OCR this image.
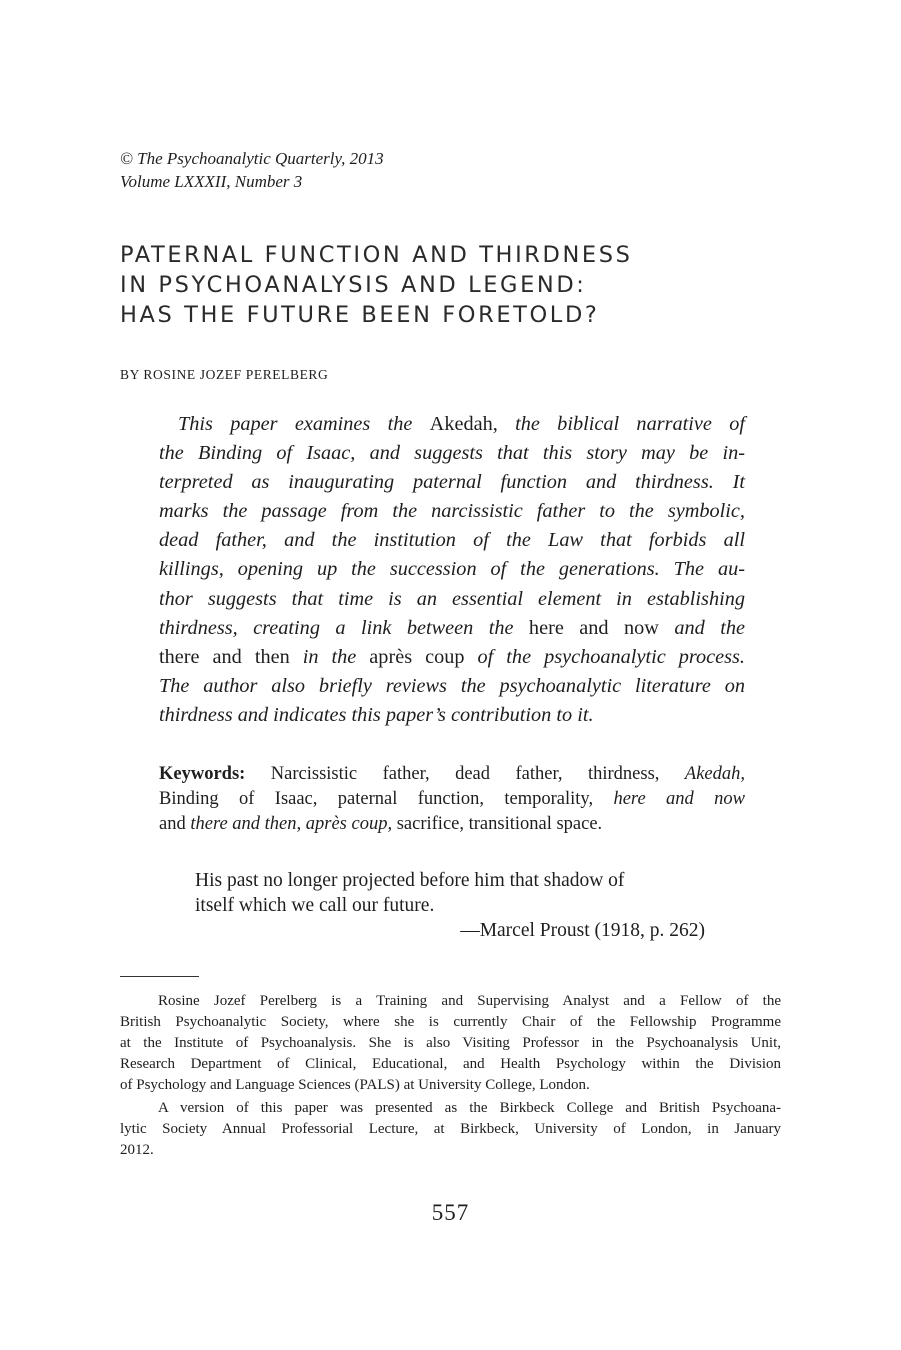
© The Psychoanalytic Quarterly, 2013
Volume LXXXII, Number 3
PATERNAL FUNCTION AND THIRDNESS
IN PSYCHOANALYSIS AND LEGEND:
HAS THE FUTURE BEEN FORETOLD?
BY ROSINE JOZEF PERELBERG
This paper examines the Akedah, the biblical narrative of
the Binding of Isaac, and suggests that this story may be in-
terpreted as inaugurating paternal function and thirdness. It
marks the passage from the narcissistic father to the symbolic,
dead father, and the institution of the Law that forbids all
killings, opening up the succession of the generations. The au-
thor suggests that time is an essential element in establishing
thirdness, creating a link between the here and now and the
there and then in the après coup of the psychoanalytic process.
The author also briefly reviews the psychoanalytic literature on
thirdness and indicates this paper’s contribution to it.
Keywords: Narcissistic father, dead father, thirdness, Akedah,
Binding of Isaac, paternal function, temporality, here and now
and there and then, après coup, sacrifice, transitional space.
His past no longer projected before him that shadow of
itself which we call our future.
—Marcel Proust (1918, p. 262)
Rosine Jozef Perelberg is a Training and Supervising Analyst and a Fellow of the
British Psychoanalytic Society, where she is currently Chair of the Fellowship Programme
at the Institute of Psychoanalysis. She is also Visiting Professor in the Psychoanalysis Unit,
Research Department of Clinical, Educational, and Health Psychology within the Division
of Psychology and Language Sciences (PALS) at University College, London.
A version of this paper was presented as the Birkbeck College and British Psychoana-
lytic Society Annual Professorial Lecture, at Birkbeck, University of London, in January
2012.
557
